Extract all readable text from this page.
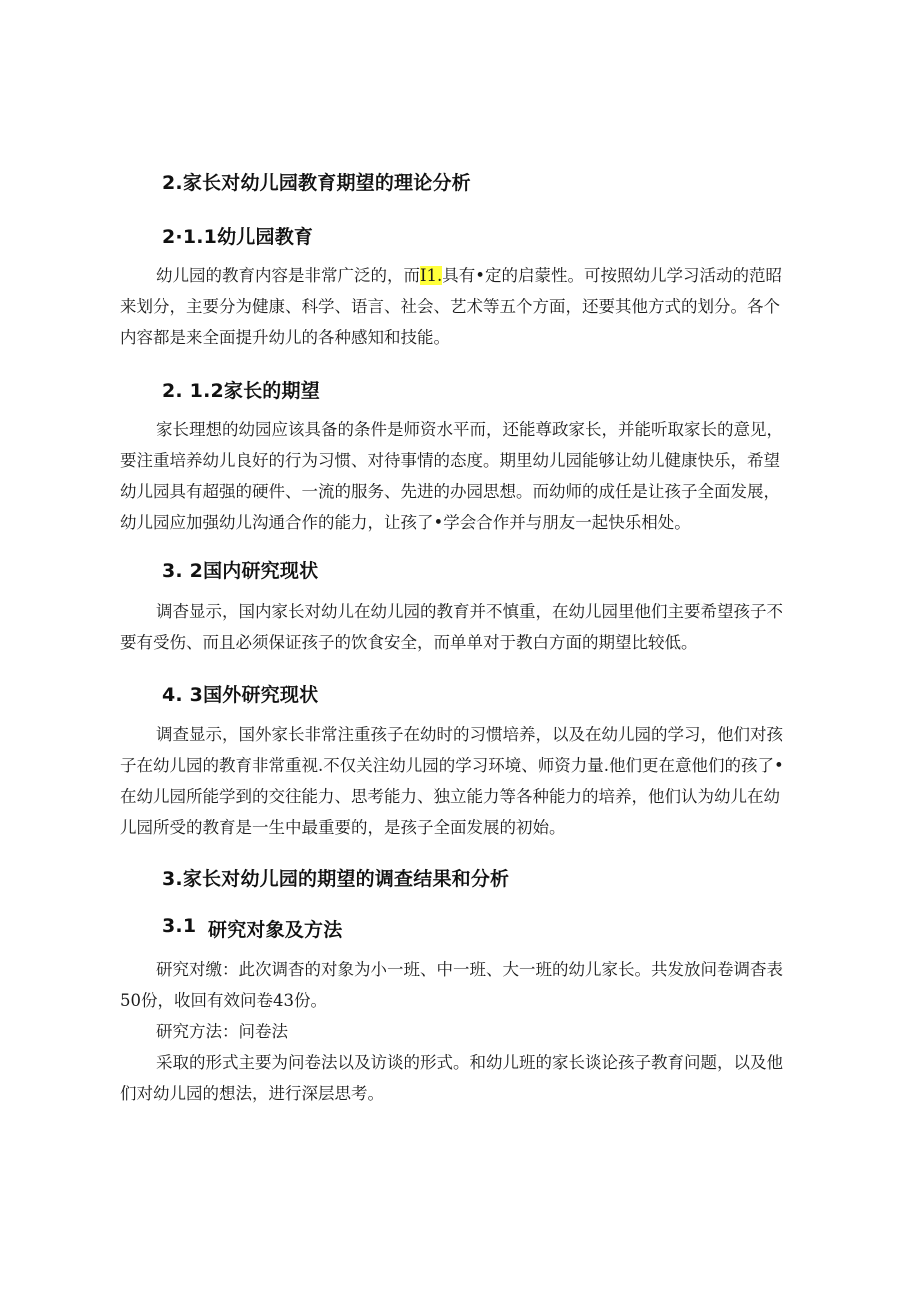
2.家长对幼儿园教育期望的理论分析
2·1.1幼儿园教育
幼儿园的教育内容是非常广泛的，而I1.具有•定的启蒙性。可按照幼儿学习活动的范昭
来划分，主要分为健康、科学、语言、社会、艺术等五个方面，还要其他方式的划分。各个
内容都是来全面提升幼儿的各种感知和技能。
2. 1.2家长的期望
家长理想的幼园应该具备的条件是师资水平而，还能尊政家长，并能听取家长的意见，
要注重培养幼儿良好的行为习惯、对待事情的态度。期里幼儿园能够让幼儿健康快乐，希望
幼儿园具有超强的硬件、一流的服务、先进的办园思想。而幼师的成任是让孩子全面发展，
幼儿园应加强幼儿沟通合作的能力，让孩了•学会合作并与朋友一起快乐相处。
3. 2国内研究现状
调杳显示，国内家长对幼儿在幼儿园的教育并不慎重，在幼儿园里他们主要希望孩子不
要有受伤、而且必须保证孩子的饮食安全，而单单对于教白方面的期望比较低。
4. 3国外研究现状
调查显示，国外家长非常注重孩子在幼时的习惯培养，以及在幼儿园的学习，他们对孩
子在幼儿园的教育非常重视.不仅关注幼儿园的学习环境、师资力量.他们更在意他们的孩了•
在幼儿园所能学到的交往能力、思考能力、独立能力等各种能力的培养，他们认为幼儿在幼
儿园所受的教育是一生中最重要的，是孩子全面发展的初始。
3.家长对幼儿园的期望的调查结果和分析
3.1 研究对象及方法
研究对缴：此次调杳的对象为小一班、中一班、大一班的幼儿家长。共发放问卷调杳表
50份，收回有效问卷43份。
研究方法：问卷法
采取的形式主要为问卷法以及访谈的形式。和幼儿班的家长谈论孩子教育问题，以及他
们对幼儿园的想法，进行深层思考。
